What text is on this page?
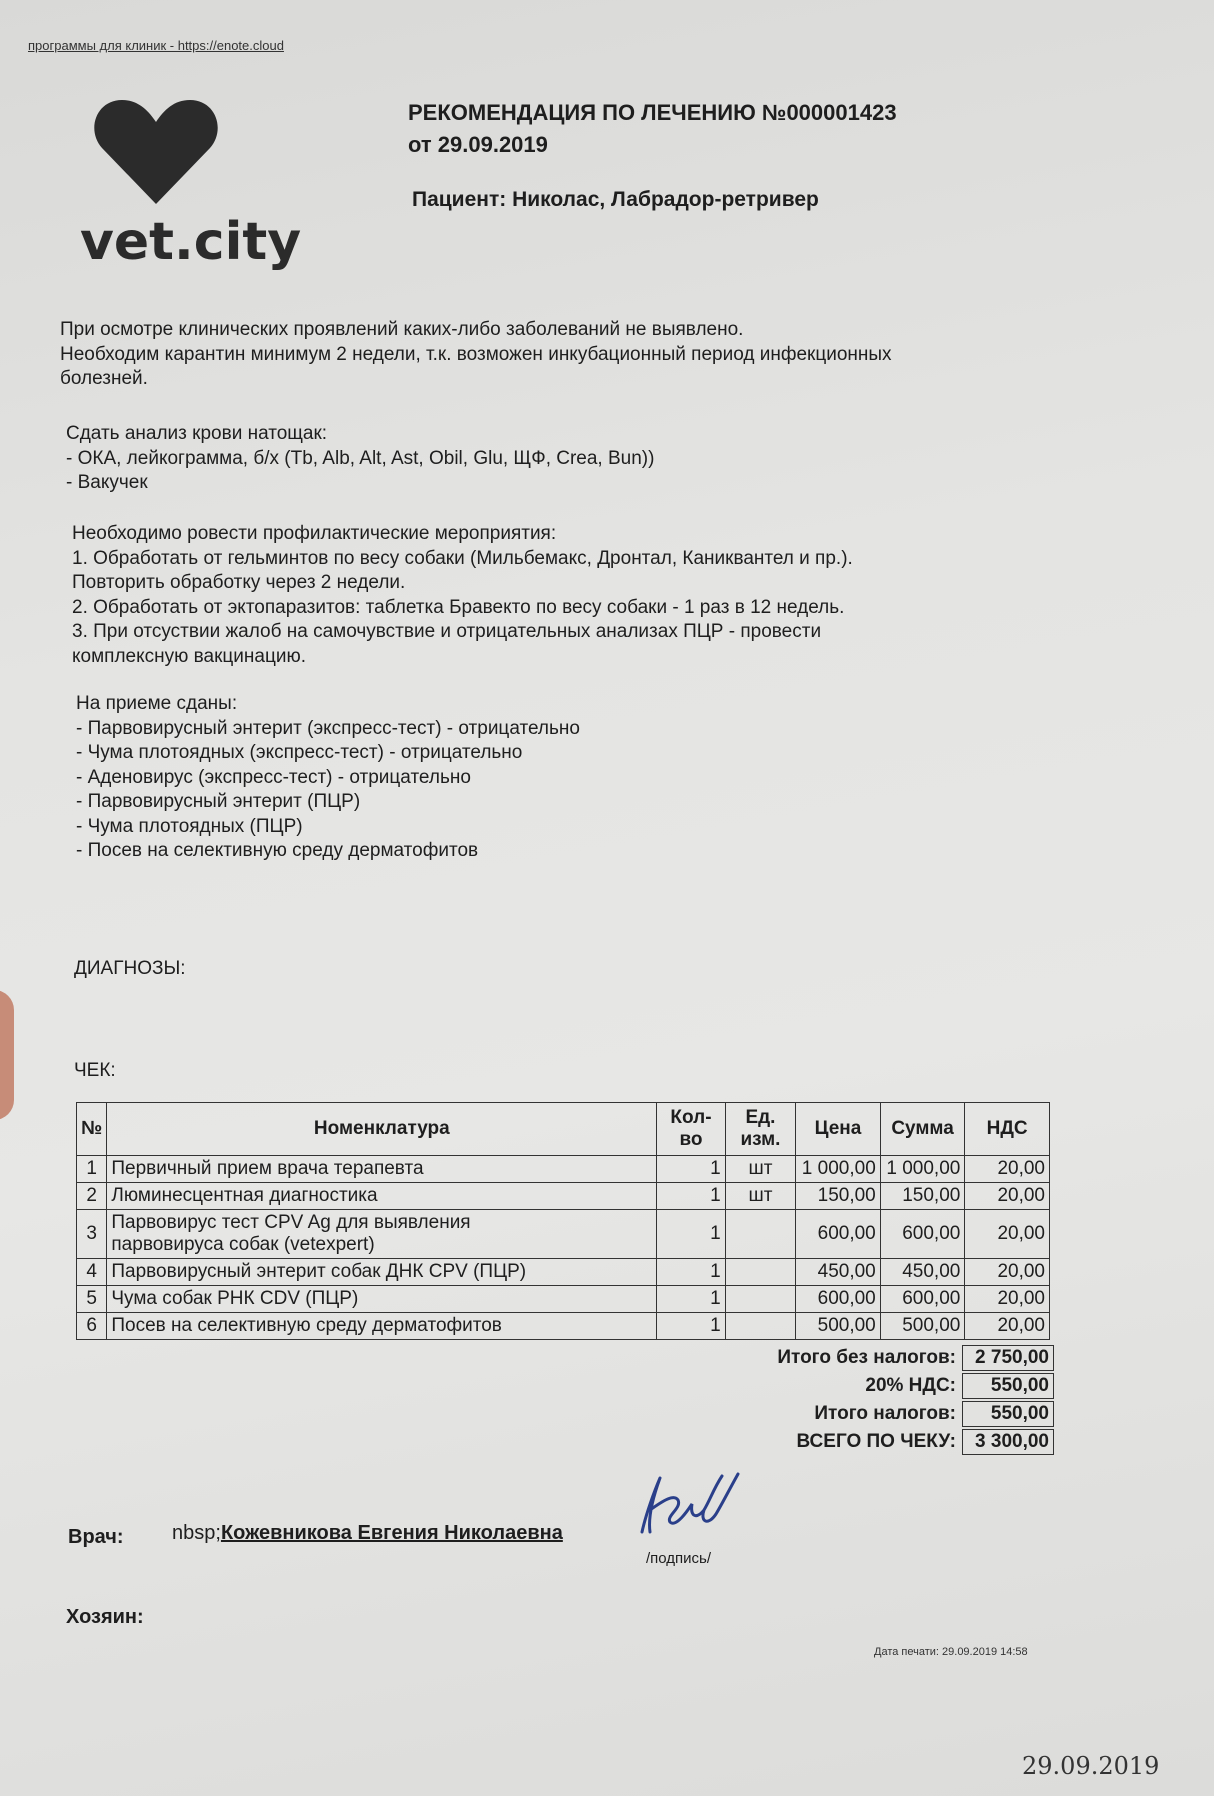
программы для клиник - https://enote.cloud
vet.city
РЕКОМЕНДАЦИЯ ПО ЛЕЧЕНИЮ №000001423
от 29.09.2019
Пациент: Николас, Лабрадор-ретривер
При осмотре клинических проявлений каких-либо заболеваний не выявлено.
Необходим карантин минимум 2 недели, т.к. возможен инкубационный период инфекционных
болезней.
Сдать анализ крови натощак:
- ОКА, лейкограмма, б/х (Tb, Alb, Alt, Ast, Obil, Glu, ЩФ, Crea, Bun))
- Вакучек
Необходимо ровести профилактические мероприятия:
1. Обработать от гельминтов по весу собаки (Мильбемакс, Дронтал, Каниквантел и пр.).
Повторить обработку через 2 недели.
2. Обработать от эктопаразитов: таблетка Бравекто по весу собаки - 1 раз в 12 недель.
3. При отсуствии жалоб на самочувствие и отрицательных анализах ПЦР - провести
комплексную вакцинацию.
На приеме сданы:
- Парвовирусный энтерит (экспресс-тест) - отрицательно
- Чума плотоядных (экспресс-тест) - отрицательно
- Аденовирус (экспресс-тест) - отрицательно
- Парвовирусный энтерит (ПЦР)
- Чума плотоядных (ПЦР)
- Посев на селективную среду дерматофитов
ДИАГНОЗЫ:
ЧЕК:
№	Номенклатура	Кол-
во	Ед.
изм.	Цена	Сумма	НДС
1	Первичный прием врача терапевта	1	шт	1 000,00	1 000,00	20,00
2	Люминесцентная диагностика	1	шт	150,00	150,00	20,00
3	Парвовирус тест CPV Ag для выявления
парвовируса собак (vetexpert)	1		600,00	600,00	20,00
4	Парвовирусный энтерит собак ДНК CPV (ПЦР)	1		450,00	450,00	20,00
5	Чума собак РНК CDV (ПЦР)	1		600,00	600,00	20,00
6	Посев на селективную среду дерматофитов	1		500,00	500,00	20,00
Итого без налогов:	2 750,00
20% НДС:	550,00
Итого налогов:	550,00
ВСЕГО ПО ЧЕКУ:	3 300,00
Врач: nbsp;Кожевникова Евгения Николаевна
/подпись/
Хозяин:
Дата печати: 29.09.2019 14:58
29.09.2019
